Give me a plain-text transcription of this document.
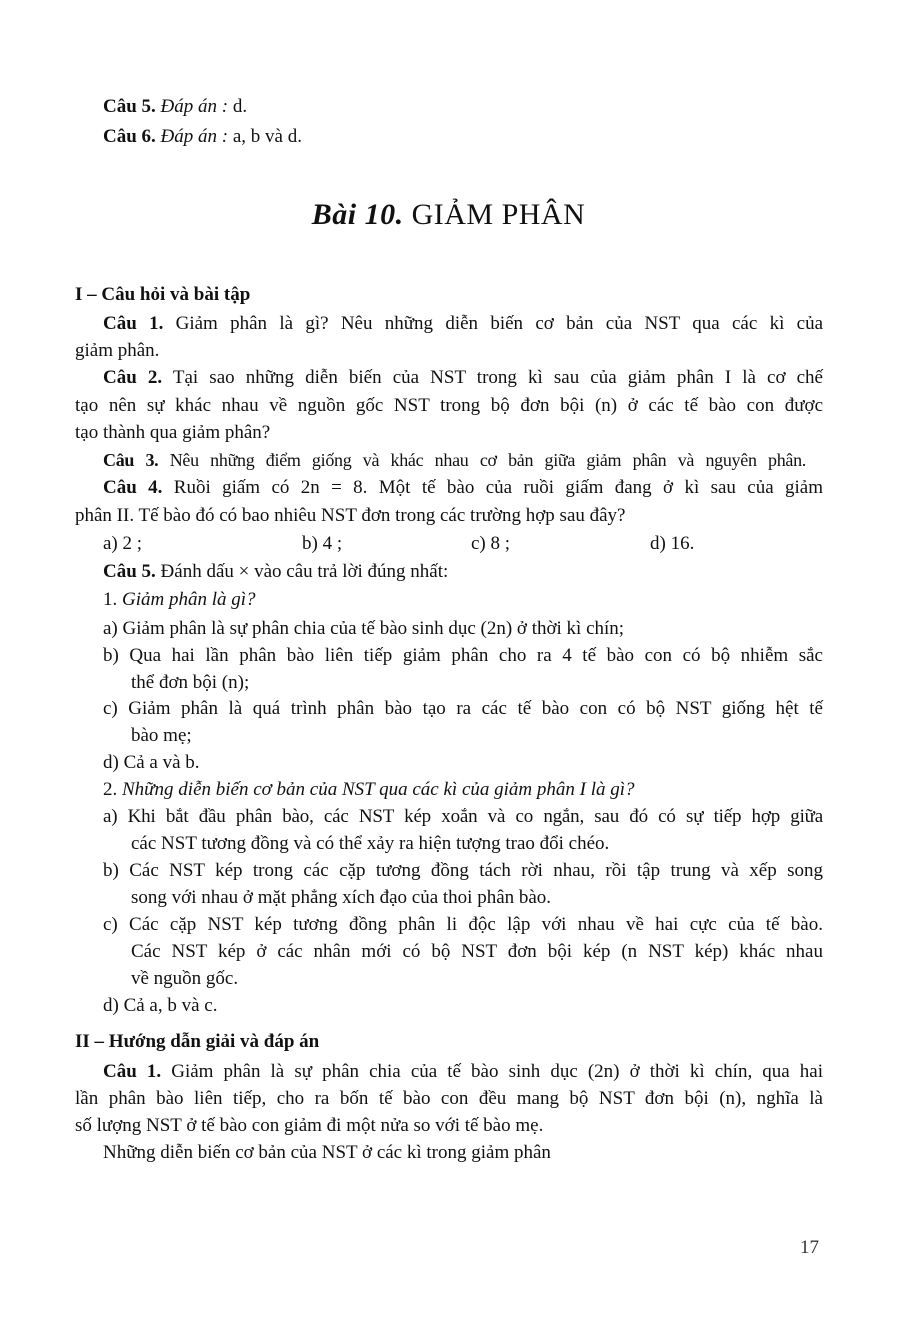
Câu 5. Đáp án : d.
Câu 6. Đáp án : a, b và d.
Bài 10. GIẢM PHÂN
I – Câu hỏi và bài tập
Câu 1. Giảm phân là gì? Nêu những diễn biến cơ bản của NST qua các kì của
giảm phân.
Câu 2. Tại sao những diễn biến của NST trong kì sau của giảm phân I là cơ chế
tạo nên sự khác nhau về nguồn gốc NST trong bộ đơn bội (n) ở các tế bào con được
tạo thành qua giảm phân?
Câu 3. Nêu những điểm giống và khác nhau cơ bản giữa giảm phân và nguyên phân.
Câu 4. Ruồi giấm có 2n = 8. Một tế bào của ruồi giấm đang ở kì sau của giảm
phân II. Tế bào đó có bao nhiêu NST đơn trong các trường hợp sau đây?
a) 2 ;	b) 4 ;	c) 8 ;	d) 16.
Câu 5. Đánh dấu × vào câu trả lời đúng nhất:
1. Giảm phân là gì?
a) Giảm phân là sự phân chia của tế bào sinh dục (2n) ở thời kì chín;
b) Qua hai lần phân bào liên tiếp giảm phân cho ra 4 tế bào con có bộ nhiễm sắc
thể đơn bội (n);
c) Giảm phân là quá trình phân bào tạo ra các tế bào con có bộ NST giống hệt tế
bào mẹ;
d) Cả a và b.
2. Những diễn biến cơ bản của NST qua các kì của giảm phân I là gì?
a) Khi bắt đầu phân bào, các NST kép xoắn và co ngắn, sau đó có sự tiếp hợp giữa
các NST tương đồng và có thể xảy ra hiện tượng trao đổi chéo.
b) Các NST kép trong các cặp tương đồng tách rời nhau, rồi tập trung và xếp song
song với nhau ở mặt phẳng xích đạo của thoi phân bào.
c) Các cặp NST kép tương đồng phân li độc lập với nhau về hai cực của tế bào.
Các NST kép ở các nhân mới có bộ NST đơn bội kép (n NST kép) khác nhau
về nguồn gốc.
d) Cả a, b và c.
II – Hướng dẫn giải và đáp án
Câu 1. Giảm phân là sự phân chia của tế bào sinh dục (2n) ở thời kì chín, qua hai
lần phân bào liên tiếp, cho ra bốn tế bào con đều mang bộ NST đơn bội (n), nghĩa là
số lượng NST ở tế bào con giảm đi một nửa so với tế bào mẹ.
Những diễn biến cơ bản của NST ở các kì trong giảm phân
17
